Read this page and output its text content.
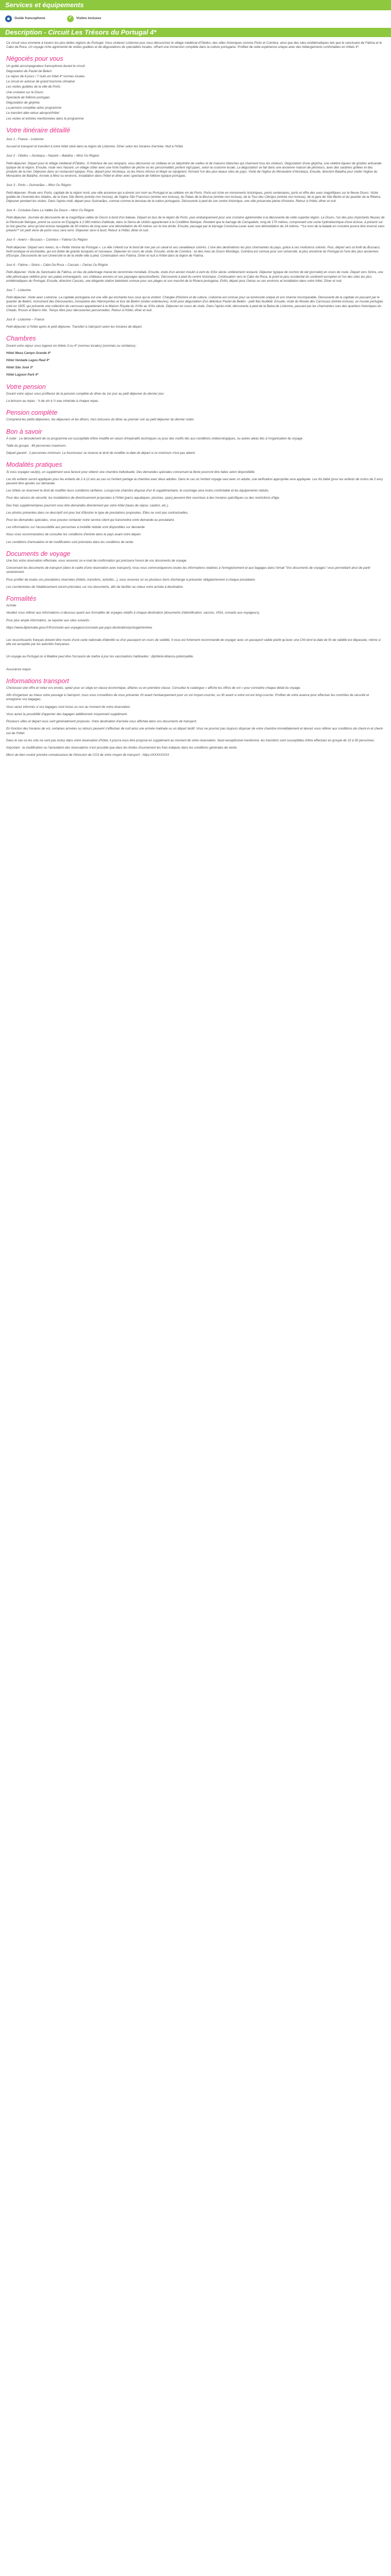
Services et équipements
Guide francophone
✓	Visites incluses
Description - Circuit Les Trésors du Portugal 4*

Ce circuit vous emmène à travers les plus belles régions du Portugal. Vous visiterez Lisbonne puis vous découvrirez le village médiéval d'Óbidos, des villes historiques comme Porto et Coimbra, ainsi que des sites emblématiques tels que le sanctuaire de Fátima et le Cabo da Roca. Un voyage riche agrémenté de visites guidées et de dégustations de spécialités locales, offrant une immersion complète dans la culture portugaise. Profitez de cette expérience unique avec des hébergements confortables en hôtels 4*.

Négociés pour vous

Un guide accompagnateur francophone durant le circuit

Dégustation de Pastel de Belem

Le séjour de 8 jours / 7 nuits en hôtel 4* normes locales

Le circuit en autocar de grand tourisme climatisé

Les visites guidées de la ville de Porto

Une croisière sur le Douro

Spectacle de folklore portugais

Dégustation de ginjinha

La pension complète selon programme

Le transfert aller-retour aéroport/hôtel

Les visites et entrées mentionnées dans le programme

Votre itinéraire détaillé
Jour 1 - France - Lisbonne
Accueil et transport et transfert à votre hôtel situé dans la région de Lisbonne. Dîner selon les horaires d'arrivée. Nuit à l'hôtel.
Jour 2 - Obidos – Alcobaça – Nazaré – Batalha – Minz Ou Région
Petit-déjeuner. Départ pour le village médiéval d'Óbidos. À l'intérieur de ses remparts, vous découvrez un château et un labyrinthe de ruelles et de maisons blanches qui charment tous les visiteurs. Dégustation d'une ginjinha, une célèbre liqueur de griottes artisanale typique de la région. Ensuite, route vers Nazaré, un village côtier avec une forte tradition de pêche où les personnalités portent vigil pipes, selon la coutume locale. La dégustation se fait dans une ancienne maison de pêcheurs, avec des sardines grillées et des produits de la mer. Déjeuner dans un restaurant typique. Puis, départ pour Alcobaça, où les frères Afonso et Mayé se rejoignent, formant l'un des plus beaux sites du pays. Visite de l'église du Monastère d'Alcobaça. Ensuite, direction Batalha pour visiter l'église du Monastère de Batalha. Arrivée à Minz ou environs. Installation dans l'hôtel et dîner avec spectacle de folklore typique portugais.
Jour 3 - Porto – Guimarães – Minz Ou Région
Petit-déjeuner. Route vers Porto, capitale de la région nord, une ville ancienne qui a donné son nom au Portugal et au célèbre vin de Porto. Porto est riche en monuments historiques, ponts centenaires, ports et offre des vues magnifiques sur le fleuve Douro. Visite guidée de l'Avenida dos Aliados, de la Gare São Bento (entrée non incluse), de l'église São Francisco (entrée non incluse), du Palais de la Bourse (entrée non incluse), de la Tour des Clérigos (entrée non incluse), de la gare de São Bento et du quartier de la Ribeira. Déjeuner pendant les visites. Dans l'après-midi, départ pour Guimarães, connue comme le berceau de la nation portugaise. Découverte à pied de son centre historique, une ville préservée pleine d'histoire. Retour à l'hôtel, dîner et nuit.
Jour 4 - Croisière Dans La Vallée Du Douro – Minz Ou Région
Petit-déjeuner. Journée de découverte de la magnifique vallée du Douro à bord d'un bateau. Départ en bus de la région de Porto, puis embarquement pour une croisière agrémentée à la découverte de cette superbe région. Le Douro, l'un des plus importants fleuves de la Péninsule Ibérique, prend sa source en Espagne à 2 060 mètres d'altitude, dans la Sierra de Urbión appartenant à la Cordillère Ibérique. Pendant que le barrage de Carrapatelo, long de 170 mètres, comprenant une usine hydroélectrique d'une écluse, à présent sur la rive gauche, ainsi qu'une écluse navigable de 90 mètres de long avec une dénivellation de 43 mètres sur la rive droite. Ensuite, passage par le barrage Crestuma-Lever avec une dénivellation de 14 mètres. **Le nom de la balade en croisière pourra être inversé sans préavis** Un petit verre de porto vous sera servi. Déjeuner servi à bord. Retour à l'hôtel, dîner et nuit.
Jour 5 - Aveiro – Bussaco – Coimbra – Fatima Ou Région
Petit-déjeuner. Départ vers Aveiro, la « Petite Venise du Portugal ». La ville s'étend sur le bord de mer par un canal et ses canaldeaux colorés. L'une des destinations les plus charmantes du pays, grâce à ses moliceiros colorés. Puis, départ vers la forêt du Bussaco, forêt exotique et enchantée, qui est dotée de grands bosquets et ruisseaux. Déjeuner en cours de visite. Ensuite, visite de Coimbra : lui des rives du Douro Mondego, Coimbra est connue pour son université, la plus ancienne du Portugal et l'une des plus anciennes d'Europe. Découverte de son Université et de la vieille ville à pied. Continuation vers Fatima. Dîner et nuit à l'hôtel dans la région de Fatima.
Jour 6 - Fatima – Sintra – Cabo Da Roca – Cascais – Oeiras Ou Région
Petit-déjeuner. Visite du Sanctuaire de Fátima, un lieu de pèlerinage marial de renommée mondiale. Ensuite, visite d'un ancien moulin à vent du XIXe siècle, entièrement restauré. Déjeuner typique de cochon de lait (porcelet) en cours de route. Départ vers Sintra, une ville pittoresque célèbre pour ses palais extravagants, ses châteaux anciens et ses paysages époustouflants. Découverte à pied du centre historique. Continuation vers le Cabo da Roca, le point le plus occidental du continent européen et l'un des sites les plus emblématiques du Portugal. Ensuite, direction Cascais, une élégante station balnéaire connue pour ses plages et son marché de la Riviera portugaise. Enfin, départ pour Oeiras ou ses environs et installation dans votre hôtel. Dîner et nuit.
Jour 7 - Lisbonne
Petit-déjeuner. Visite avec Lisbonne. La capitale portugaise est une ville qui enchante tous ceux qui la visitent. Chargée d'histoire et de culture, Lisbonne est connue pour sa luminosité unique et son charme incomparable. Découverte de la capitale en passant par le quartier de Belém, monument des Découvertes, monastère des Hiéronymites et tour de Belém (visites extérieures). Arrêt pour dégustation d'un délicieux Pastel de Belém - petit flan feuilleté. Ensuite, visite du Musée des Carrosses (entrée incluse), un musée portugais créé en 1905, qui présente une collection de carrosses appartenant à la Maison Royale du XVIIe au XIXe siècle. Déjeuner en cours de visite. Dans l'après-midi, découverte à pied de la Baixa de Lisbonne, passant par les charmantes rues des quartiers historiques du Chiado, Rossio et Bairro Alto. Temps libre pour découvertes personnelles. Retour à l'hôtel, dîner et nuit.
Jour 8 - Lisbonne – France
Petit-déjeuner à l'hôtel après le petit déjeuner. Transfert à l'aéroport selon les horaires de départ.
Chambres

Durant votre séjour vous logerez en hôtels 3 ou 4* (normes locales) (nommés ou similaires) :

Hôtel Mesa Campo Grande 4*

Hôtel Verdade Lagos Real 4*

Hôtel São José 3*

Hôtel Lagoon Park 4*

Votre pension

Durant votre séjour vous profiterez de la pension complète du dîner du 1er jour au petit déjeuner du dernier jour.

La boisson au repas : ¼ de vin à ½ eau minérale à chaque repas.

Pension complète

Comprend les petits-déjeuners, les déjeuners et les dîners, hors boissons du dîner au premier soir au petit déjeuner du dernier matin.

Bon à savoir

À noter : Le déroulement de ce programme est susceptible d'être modifié en raison d'impératifs techniques ou pour des motifs liés aux conditions météorologiques, ou autres aléas liés à l'organisation du voyage.

Taille du groupe : 49 personnes maximum.

Départ garanti : 2 personnes minimum. Le fournisseur se réserve le droit de modifier la date de départ si ce minimum n'est pas atteint.

Modalités pratiques

Si vous voyagez seul(e), un supplément sera facturé pour obtenir une chambre individuelle. Des demandes spéciales concernant la literie pourront être faites selon disponibilité.

Les lits enfants seront appliqués pour les enfants de 2 à 12 ans au cas où l'enfant partage la chambre avec deux adultes. Dans le cas où l'enfant voyage seul avec un adulte, une tarification appropriée sera appliquée. Les lits bébé (pour les enfants de moins de 2 ans) peuvent être ajoutés sur demande.

Les hôtels se réservent le droit de modifier leurs conditions tarifaires. Lorsqu'une chambre dispose d'un lit supplémentaire, le couchage sera moins confortable et les équipements réduits.

Pour des raisons de sécurité, les installations de divertissement proposées à l'hôtel (parcs aquatiques, piscines, spas) peuvent être soumises à des horaires spécifiques ou des restrictions d'âge.

Des frais supplémentaires pourront vous être demandés directement par votre hôtel (taxes de séjour, caution, etc.).

Les photos présentes dans ce descriptif ont pour but d'illustrer le type de prestations proposées. Elles ne sont pas contractuelles.

Pour les demandes spéciales, vous pouvez contacter notre service client qui transmettra votre demande au prestataire.

Les informations sur l'accessibilité aux personnes à mobilité réduite sont disponibles sur demande.

Nous vous recommandons de consulter les conditions d'entrée dans le pays avant votre départ.

Les conditions d'annulation et de modification sont précisées dans les conditions de vente.

Documents de voyage

Une fois votre réservation effectuée, vous recevrez un e-mail de confirmation qui précisera l'envoi de vos documents de voyage.

Concernant les documents de transport (dans le cadre d'une réservation avec transport), nous vous communiquerons toutes les informations relatives à l'enregistrement et aux bagages dans l'email "Vos documents de voyages" vous permettant ainsi de partir sereinement.

Pour profiter de toutes vos prestations réservées (hôtels, transferts, activités...), vous recevrez un ou plusieurs bons d'échange à présenter obligatoirement à chaque prestataire.

Les coordonnées de l'établissement seront précisées sur vos documents, afin de faciliter au mieux votre arrivée à destination.

Formalités

Arrivée

Veuillez vous référer aux informations ci-dessous quant aux formalités de voyages relatifs à chaque destination (documents d'identification, vaccins, VISA, conseils aux voyageurs).

Pour plus ample information, se reporter aux sites suivants :

https://www.diplomatie.gouv.fr/fr/conseils-aux-voyageurs/conseils-par-pays-destination/portugal/#entree

Les ressortissants français doivent être munis d'une carte nationale d'identité ou d'un passeport en cours de validité. Il vous est fortement recommandé de voyager avec un passeport valide plutôt qu'avec une CNI dont la date de fin de validité est dépassée, même si elle est acceptée par les autorités françaises.

Un voyage au Portugal où à Madère peut être l'occasion de mettre à jour les vaccinations habituelles : diphtérie-tétanos-poliomyélite.

Assurance requis

Informations transport

Choisissez une offre et votez vos envies, optez pour un siège en classe économique, affaires ou en première classe. Consultez le catalogue « affiche les offres de vol » pour connaître chaque détail du voyage.

Afin d'organiser au mieux votre passage à l'aéroport, nous vous conseillons de vous présenter 2h avant l'embarquement pour un vol moyen-courrier, ou 3h avant si votre vol est long-courrier. Profitez de votre avance pour effectuer les contrôles de sécurité et enregistrer vos bagages.

Vous serez informés si vos bagages sont inclus ou non au moment de votre réservation.

Vous aurez la possibilité d'apporter des bagages additionnels moyennant supplément.

Plusieurs villes et départ vous sont généralement proposés. Votre destination d'arrivée vous affichée dans vos documents de transport.

En fonction des horaires de vol, certaines arrivées ou retours peuvent s'effectuer de nuit ainsi une arrivée matinale ou un départ tardif. Vous ne pourrez pas toujours disposer de votre chambre immédiatement et devrez vous référer aux conditions de check-in et check-out de l'hôtel.

Dans le cas où les vols ne sont pas inclus dans votre réservation d'hôtel, il pourra vous être proposé en supplément au moment de votre réservation. Seuil exceptionnel mentionné, les transferts sont susceptibles d'être effectués en groupe de 15 à 50 personnes.

Important : la modification ou l'annulation des réservations n'est possible que dans les limites d'ouvrement les frais indiqués dans les conditions générales de vente.

Merci de bien vouloir prendre connaissance de l'émission de CO2 de votre moyen de transport : https://XXXXXXXX
